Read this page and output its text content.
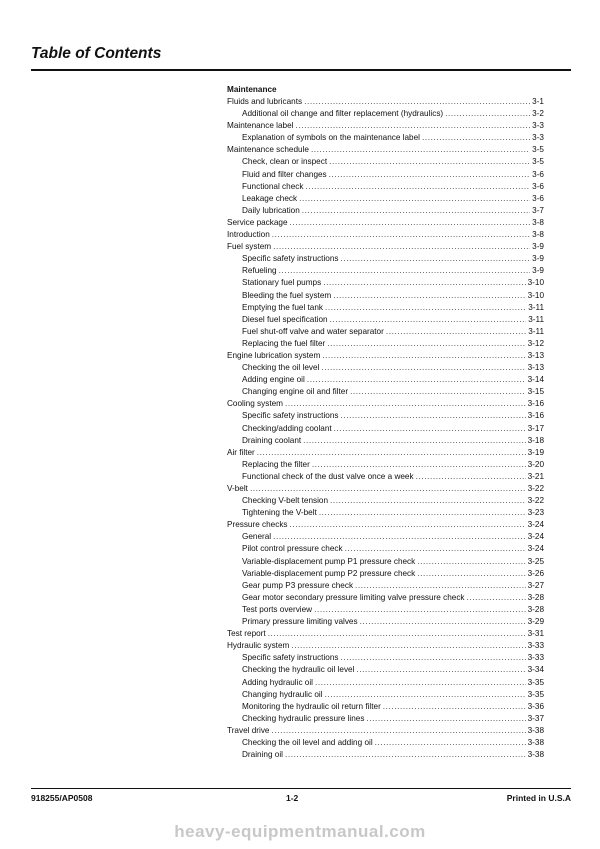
Table of Contents
Maintenance
Fluids and lubricants .....	3-1
Additional oil change and filter replacement (hydraulics) .....	3-2
Maintenance label .....	3-3
Explanation of symbols on the maintenance label .....	3-3
Maintenance schedule .....	3-5
Check, clean or inspect .....	3-5
Fluid and filter changes .....	3-6
Functional check .....	3-6
Leakage check .....	3-6
Daily lubrication .....	3-7
Service package .....	3-8
Introduction .....	3-8
Fuel system .....	3-9
Specific safety instructions .....	3-9
Refueling .....	3-9
Stationary fuel pumps .....	3-10
Bleeding the fuel system .....	3-10
Emptying the fuel tank .....	3-11
Diesel fuel specification .....	3-11
Fuel shut-off valve and water separator .....	3-11
Replacing the fuel filter .....	3-12
Engine lubrication system .....	3-13
Checking the oil level .....	3-13
Adding engine oil .....	3-14
Changing engine oil and filter .....	3-15
Cooling system .....	3-16
Specific safety instructions .....	3-16
Checking/adding coolant .....	3-17
Draining coolant .....	3-18
Air filter .....	3-19
Replacing the filter .....	3-20
Functional check of the dust valve once a week .....	3-21
V-belt .....	3-22
Checking V-belt tension .....	3-22
Tightening the V-belt .....	3-23
Pressure checks .....	3-24
General .....	3-24
Pilot control pressure check .....	3-24
Variable-displacement pump P1 pressure check .....	3-25
Variable-displacement pump P2 pressure check .....	3-26
Gear pump P3 pressure check .....	3-27
Gear motor secondary pressure limiting valve pressure check .....	3-28
Test ports overview .....	3-28
Primary pressure limiting valves .....	3-29
Test report .....	3-31
Hydraulic system .....	3-33
Specific safety instructions .....	3-33
Checking the hydraulic oil level .....	3-34
Adding hydraulic oil .....	3-35
Changing hydraulic oil .....	3-35
Monitoring the hydraulic oil return filter .....	3-36
Checking hydraulic pressure lines .....	3-37
Travel drive .....	3-38
Checking the oil level and adding oil .....	3-38
Draining oil .....	3-38
918255/AP0508	1-2	Printed in U.S.A
heavy-equipmentmanual.com
